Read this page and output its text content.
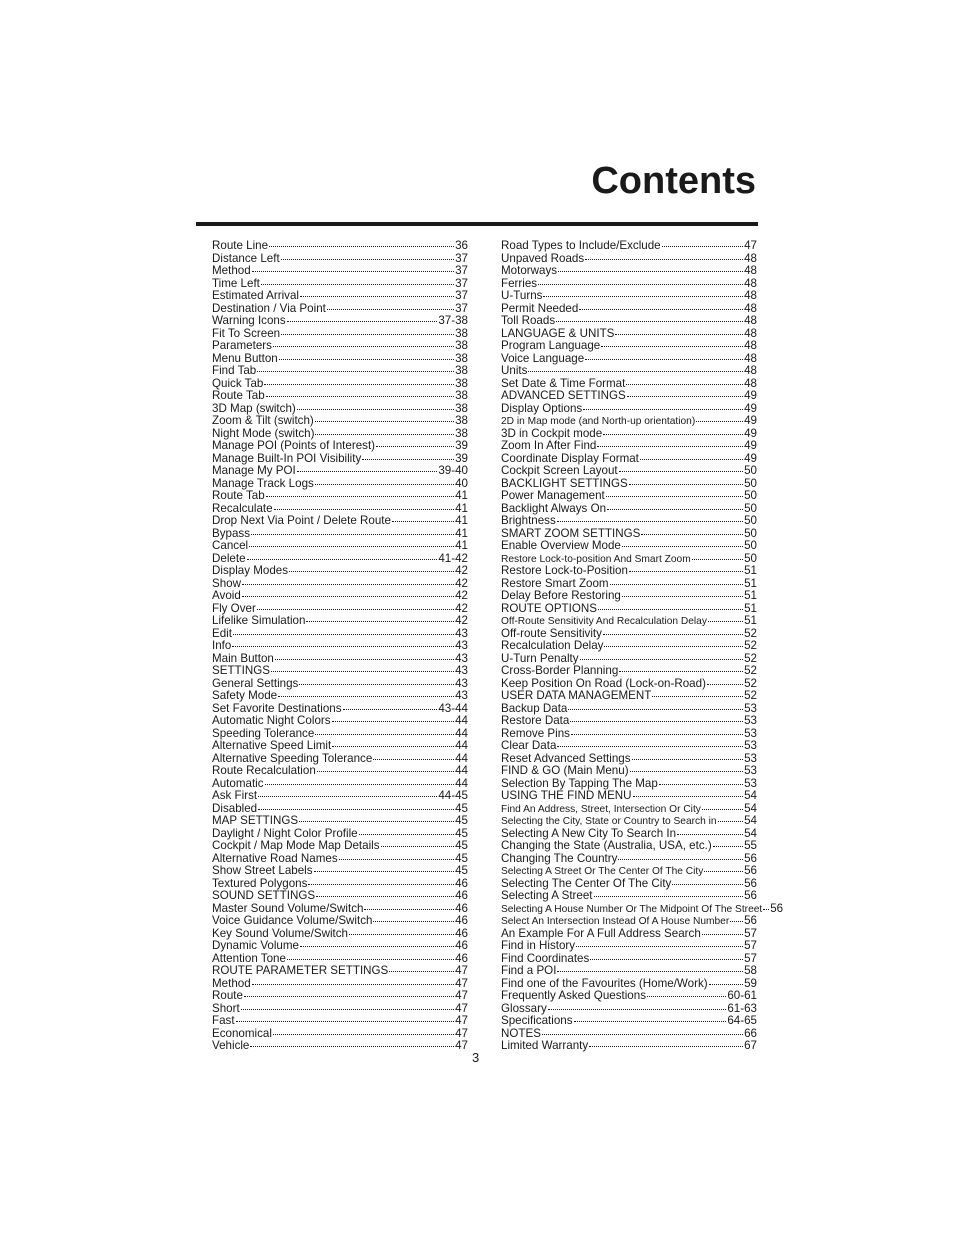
Contents
Route Line	36
Distance Left	37
Method	37
Time Left	37
Estimated Arrival	37
Destination / Via Point	37
Warning Icons	37-38
Fit To Screen	38
Parameters	38
Menu Button	38
Find Tab	38
Quick Tab	38
Route Tab	38
3D Map (switch)	38
Zoom & Tilt (switch)	38
Night Mode (switch)	38
Manage POI (Points of Interest)	39
Manage Built-In POI Visibility	39
Manage My POI	39-40
Manage Track Logs	40
Route Tab	41
Recalculate	41
Drop Next Via Point / Delete Route	41
Bypass	41
Cancel	41
Delete	41-42
Display Modes	42
Show	42
Avoid	42
Fly Over	42
Lifelike Simulation	42
Edit	43
Info	43
Main Button	43
SETTINGS	43
General Settings	43
Safety Mode	43
Set Favorite Destinations	43-44
Automatic Night Colors	44
Speeding Tolerance	44
Alternative Speed Limit	44
Alternative Speeding Tolerance	44
Route Recalculation	44
Automatic	44
Ask First	44-45
Disabled	45
MAP SETTINGS	45
Daylight / Night Color Profile	45
Cockpit / Map Mode Map Details	45
Alternative Road Names	45
Show Street Labels	45
Textured Polygons	46
SOUND SETTINGS	46
Master Sound Volume/Switch	46
Voice Guidance Volume/Switch	46
Key Sound Volume/Switch	46
Dynamic Volume	46
Attention Tone	46
ROUTE PARAMETER SETTINGS	47
Method	47
Route	47
Short	47
Fast	47
Economical	47
Vehicle	47
Road Types to Include/Exclude	47
Unpaved Roads	48
Motorways	48
Ferries	48
U-Turns	48
Permit Needed	48
Toll Roads	48
LANGUAGE & UNITS	48
Program Language	48
Voice Language	48
Units	48
Set Date & Time Format	48
ADVANCED SETTINGS	49
Display Options	49
2D in Map mode (and North-up orientation)	49
3D in Cockpit mode	49
Zoom In After Find	49
Coordinate Display Format	49
Cockpit Screen Layout	50
BACKLIGHT SETTINGS	50
Power Management	50
Backlight Always On	50
Brightness	50
SMART ZOOM SETTINGS	50
Enable Overview Mode	50
Restore Lock-to-position And Smart Zoom	50
Restore Lock-to-Position	51
Restore Smart Zoom	51
Delay Before Restoring	51
ROUTE OPTIONS	51
Off-Route Sensitivity And Recalculation Delay	51
Off-route Sensitivity	52
Recalculation Delay	52
U-Turn Penalty	52
Cross-Border Planning	52
Keep Position On Road (Lock-on-Road)	52
USER DATA MANAGEMENT	52
Backup Data	53
Restore Data	53
Remove Pins	53
Clear Data	53
Reset Advanced Settings	53
FIND & GO (Main Menu)	53
Selection By Tapping The Map	53
USING THE FIND MENU	54
Find An Address, Street, Intersection Or City	54
Selecting the City, State or Country to Search in 54
Selecting A New City To Search In	54
Changing the State (Australia, USA, etc.)	55
Changing The Country	56
Selecting A Street Or The Center Of The City	56
Selecting The Center Of The City	56
Selecting A Street	56
Selecting A House Number Or The Midpoint Of The Street 56
Select An Intersection Instead Of A House Number 56
An Example For A Full Address Search	57
Find in History	57
Find Coordinates	57
Find a POI	58
Find one of the Favourites (Home/Work)	59
Frequently Asked Questions	60-61
Glossary	61-63
Specifications	64-65
NOTES	66
Limited Warranty	67

3
